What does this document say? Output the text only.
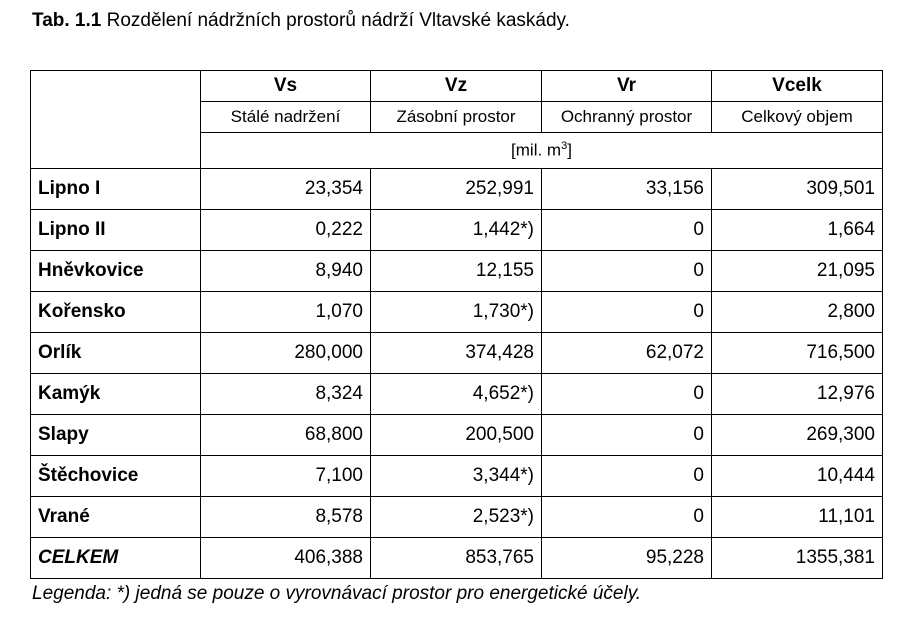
Tab. 1.1 Rozdělení nádržních prostorů nádrží Vltavské kaskády.
	Vs	Vz	Vr	Vcelk
	Stálé nadržení	Zásobní prostor	Ochranný prostor	Celkový objem
	[mil. $m^3$]			
Lipno I	23,354	252,991	33,156	309,501
Lipno II	0,222	1,442*)	0	1,664
Hněvkovice	8,940	12,155	0	21,095
Kořensko	1,070	1,730*)	0	2,800
Orlík	280,000	374,428	62,072	716,500
Kamýk	8,324	4,652*)	0	12,976
Slapy	68,800	200,500	0	269,300
Štěchovice	7,100	3,344*)	0	10,444
Vrané	8,578	2,523*)	0	11,101
CELKEM	406,388	853,765	95,228	1355,381
Legenda: *) jedná se pouze o vyrovnávací prostor pro energetické účely.
